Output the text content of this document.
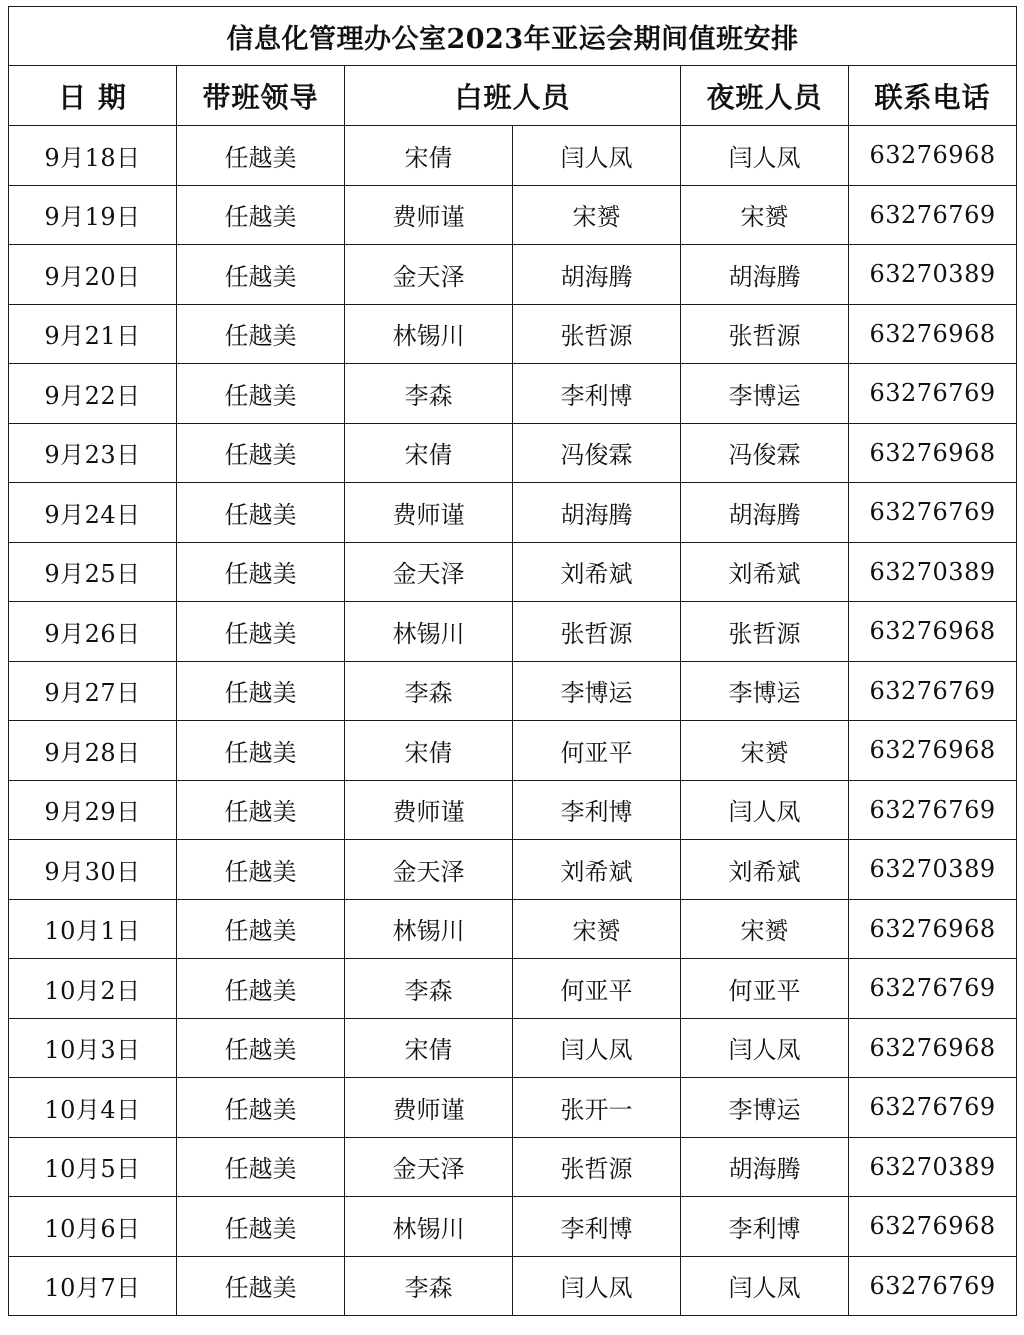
信息化管理办公室2023年亚运会期间值班安排					
日 期	带班领导	白班人员		夜班人员	联系电话
9月18日	任越美	宋倩	闫人凤	闫人凤	63276968
9月19日	任越美	费师谨	宋赟	宋赟	63276769
9月20日	任越美	金天泽	胡海腾	胡海腾	63270389
9月21日	任越美	林锡川	张哲源	张哲源	63276968
9月22日	任越美	李森	李利博	李博运	63276769
9月23日	任越美	宋倩	冯俊霖	冯俊霖	63276968
9月24日	任越美	费师谨	胡海腾	胡海腾	63276769
9月25日	任越美	金天泽	刘希斌	刘希斌	63270389
9月26日	任越美	林锡川	张哲源	张哲源	63276968
9月27日	任越美	李森	李博运	李博运	63276769
9月28日	任越美	宋倩	何亚平	宋赟	63276968
9月29日	任越美	费师谨	李利博	闫人凤	63276769
9月30日	任越美	金天泽	刘希斌	刘希斌	63270389
10月1日	任越美	林锡川	宋赟	宋赟	63276968
10月2日	任越美	李森	何亚平	何亚平	63276769
10月3日	任越美	宋倩	闫人凤	闫人凤	63276968
10月4日	任越美	费师谨	张开一	李博运	63276769
10月5日	任越美	金天泽	张哲源	胡海腾	63270389
10月6日	任越美	林锡川	李利博	李利博	63276968
10月7日	任越美	李森	闫人凤	闫人凤	63276769
